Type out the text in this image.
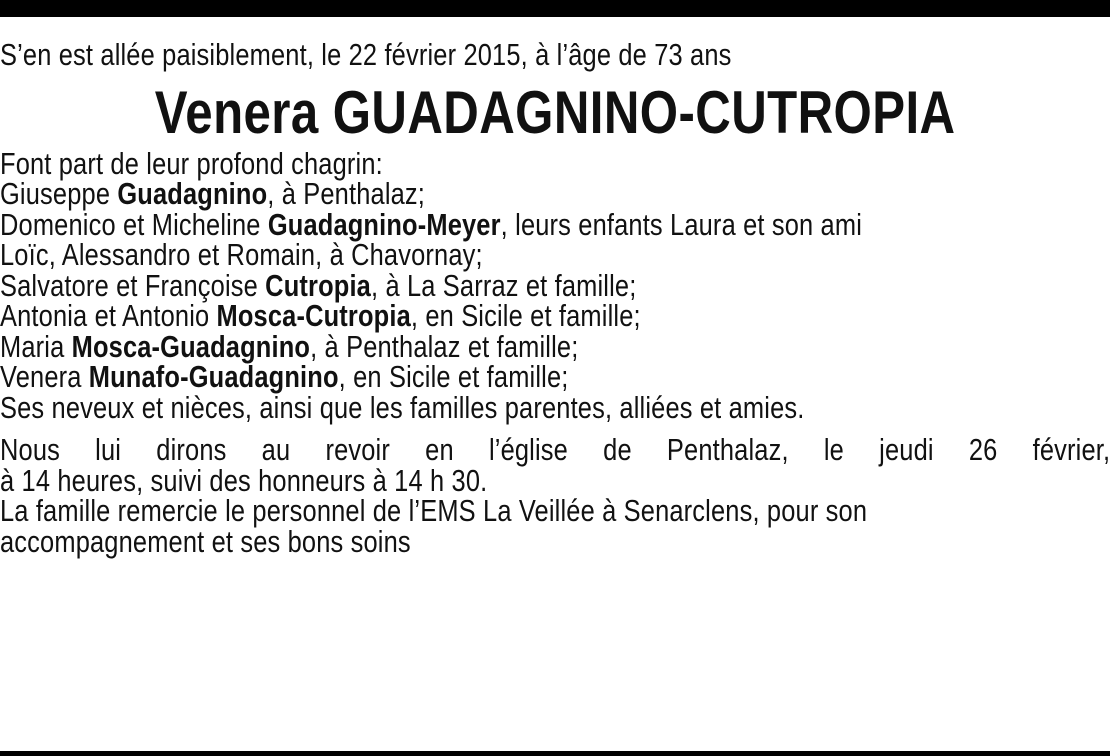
S’en est allée paisiblement, le 22 février 2015, à l’âge de 73 ans
Venera GUADAGNINO-CUTROPIA
Font part de leur profond chagrin:
Giuseppe Guadagnino, à Penthalaz;
Domenico et Micheline Guadagnino-Meyer, leurs enfants Laura et son ami
Loïc, Alessandro et Romain, à Chavornay;
Salvatore et Françoise Cutropia, à La Sarraz et famille;
Antonia et Antonio Mosca-Cutropia, en Sicile et famille;
Maria Mosca-Guadagnino, à Penthalaz et famille;
Venera Munafo-Guadagnino, en Sicile et famille;
Ses neveux et nièces, ainsi que les familles parentes, alliées et amies.
Nous lui dirons au revoir en l’église de Penthalaz, le jeudi 26 février,
à 14 heures, suivi des honneurs à 14 h 30.
La famille remercie le personnel de l’EMS La Veillée à Senarclens, pour son
accompagnement et ses bons soins
